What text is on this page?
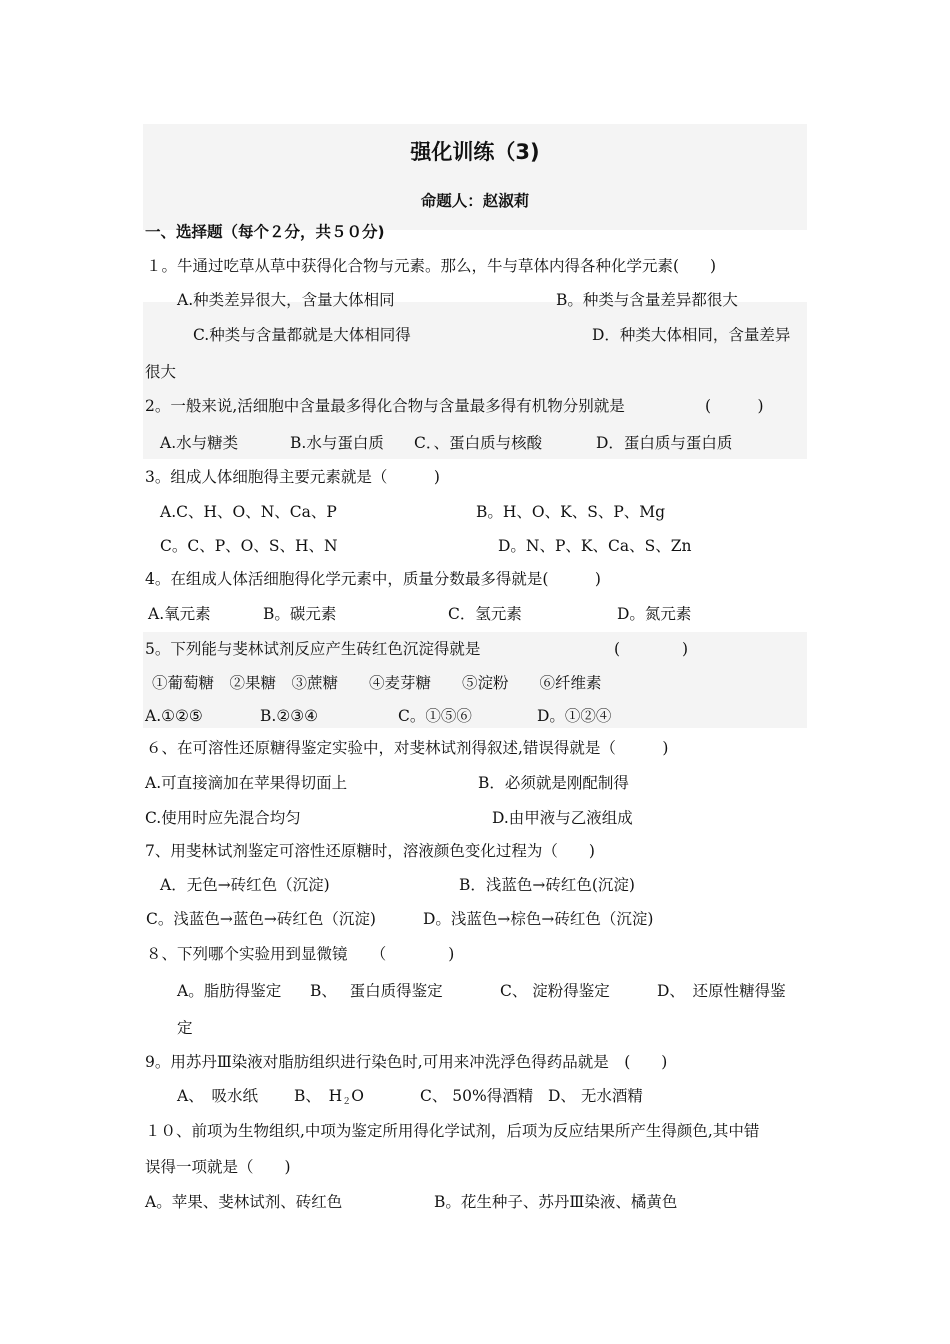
强化训练（3)
命题人：赵淑莉
一、选择题（每个２分，共５０分)
１。牛通过吃草从草中获得化合物与元素。那么，牛与草体内得各种化学元素(　　)
A.种类差异很大，含量大体相同	B。种类与含量差异都很大
C.种类与含量都就是大体相同得	D．种类大体相同，含量差异
很大
2。一般来说,活细胞中含量最多得化合物与含量最多得有机物分别就是	(　　　)
A.水与糖类	B.水与蛋白质 C．、蛋白质与核酸	D．蛋白质与蛋白质
3。组成人体细胞得主要元素就是（　　　)
A.C、H、O、N、Ca、P	B。H、O、K、S、P、Mg
C。C、P、O、S、H、N	D。N、P、K、Ca、S、Zn
4。在组成人体活细胞得化学元素中，质量分数最多得就是(　　　)
A.氧元素	B。碳元素	C．氢元素	D。氮元素
5。下列能与斐林试剂反应产生砖红色沉淀得就是	(　　　　)
①葡萄糖　②果糖　③蔗糖　　④麦芽糖　　⑤淀粉　　⑥纤维素
A.①②⑤	B.②③④	C。①⑤⑥	D。①②④
６、在可溶性还原糖得鉴定实验中，对斐林试剂得叙述,错误得就是（　　　)
A.可直接滴加在苹果得切面上	B．必须就是刚配制得
C.使用时应先混合均匀	D.由甲液与乙液组成
7、用斐林试剂鉴定可溶性还原糖时，溶液颜色变化过程为（　　)
A．无色→砖红色（沉淀)	B．浅蓝色→砖红色(沉淀)
C。浅蓝色→蓝色→砖红色（沉淀)	D。浅蓝色→棕色→砖红色（沉淀)
８、下列哪个实验用到显微镜　　（　　　　)
A。脂肪得鉴定 B、　 蛋白质得鉴定	C、 淀粉得鉴定	D、　还原性糖得鉴
定
9。用苏丹Ⅲ染液对脂肪组织进行染色时,可用来冲洗浮色得药品就是　(　　)
A、　吸水纸 B、　$H_2O$	C、 50%得酒精 D、 无水酒精
１０、前项为生物组织,中项为鉴定所用得化学试剂，后项为反应结果所产生得颜色,其中错
误得一项就是（　　)
A。苹果、斐林试剂、砖红色	B。花生种子、苏丹Ⅲ染液、橘黄色
